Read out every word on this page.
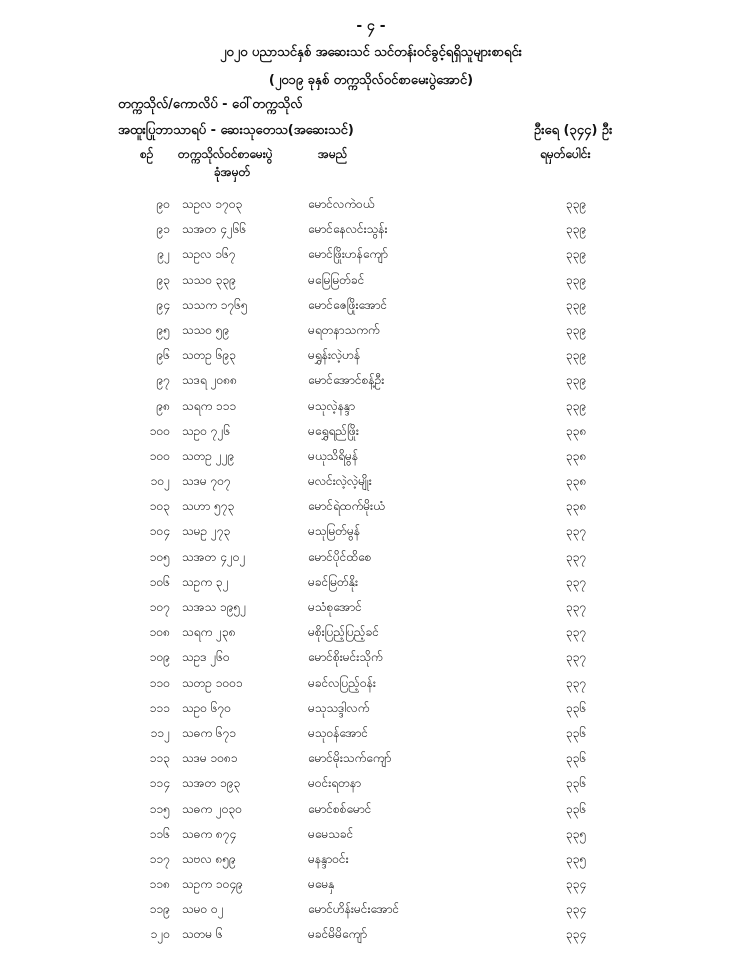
- ၄ -
၂၀၂၀ ပညာသင်နှစ် အဆေးသင် သင်တန်းဝင်ခွင့်ရရှိသူများစာရင်း
(၂၀၁၉ ခုနှစ် တက္ကသိုလ်ဝင်စာမေးပွဲအောင်)
တက္ကသိုလ်/ကောလိပ် - ဝေါ်တက္ကသိုလ်
အထူးပြုဘာသာရပ် - ဆေးသုတေသ(အဆေးသင်)	ဦးရေ (၃၄၄) ဦး
စဉ် တက္ကသိုလ်ဝင်စာမေးပွဲ
ခုံအမှတ်
အမည်	ရမှတ်ပေါင်း
၉၀ သဥလ ၁၇၀၃	မောင်လကဲဝယ်	၃၃၉
၉၁ သအတ ၄၂၆၆	မောင်နေလင်းသွန်း	၃၃၉
၉၂ သဥလ ၁၆၇	မောင်ဖြိုးဟန်ကျော်	၃၃၉
၉၃ သသဝ ၃၃၉	မမြေမြတ်ခင်	၃၃၉
၉၄ သသက ၁၇၆၅	မောင်ဇေဖြိုးအောင်	၃၃၉
၉၅ သသဝ ၅၉	မရတနာသကက်	၃၃၉
၉၆ သတဥ ၆၉၃	မရွှန်းလဲ့ဟန်	၃၃၉
၉၇ သဒရ ၂၀၈၈	မောင်အောင်စန့်ဦး	၃၃၉
၉၈ သရက ၁၁၁	မသုလဲ့နန္ဒာ	၃၃၉
၁၀၀ သဥဝ ၇၂၆	မရွှေရည်ဖြိုး	၃၃၈
၁၀၀ သတဥ ၂၂၉	မယုသိရိမွန်	၃၃၈
၁၀၂ သဒမ ၇၀၇	မလင်းလဲ့လဲ့မျိုး	၃၃၈
၁၀၃ သဟာ ၅၇၃	မောင်ရဲထက်မိုးယံ	၃၃၈
၁၀၄ သမဥ ၂၇၃	မသုမြတ်မွန်	၃၃၇
၁၀၅ သအတ ၄၂၀၂	မောင်ပိုင်ထိစေ	၃၃၇
၁၀၆ သဥက ၃၂	မခင်မြတ်နိုး	၃၃၇
၁၀၇ သအသ ၁၉၅၂	မသံစုအောင်	၃၃၇
၁၀၈ သရက ၂၃၈	မစိုးပြည့်ပြည့်ခင်	၃၃၇
၁၀၉ သဥဒ ၂၆၀	မောင်စိုးမင်းသိုက်	၃၃၇
၁၁၀ သတဥ ၁၀၀၁	မခင်လပြည့်ဝန်း	၃၃၇
၁၁၁ သဥဝ ၆၇၀	မသုသဒ္ဒါလက်	၃၃၆
၁၁၂ သဓက ၆၇၁	မသုဝန်အောင်	၃၃၆
၁၁၃ သဒမ ၁၀၈၁	မောင်မိုးသက်ကျော်	၃၃၆
၁၁၄ သအတ ၁၉၃	မဝင်းရတနာ	၃၃၆
၁၁၅ သဓက ၂၀၃၀	မောင်စစ်မောင်	၃၃၆
၁၁၆ သဓက ၈၇၄	မမေသခင်	၃၃၅
၁၁၇ သဗလ ၈၅၉	မနန္ဒာဝင်း	၃၃၅
၁၁၈ သဥက ၁၀၄၉	မမေနှ	၃၃၄
၁၁၉ သမဝ ၀၂	မောင်ဟိန်းမင်းအောင်	၃၃၄
၁၂၀ သတမ ၆	မခင်မိမိကျော်	၃၃၄
